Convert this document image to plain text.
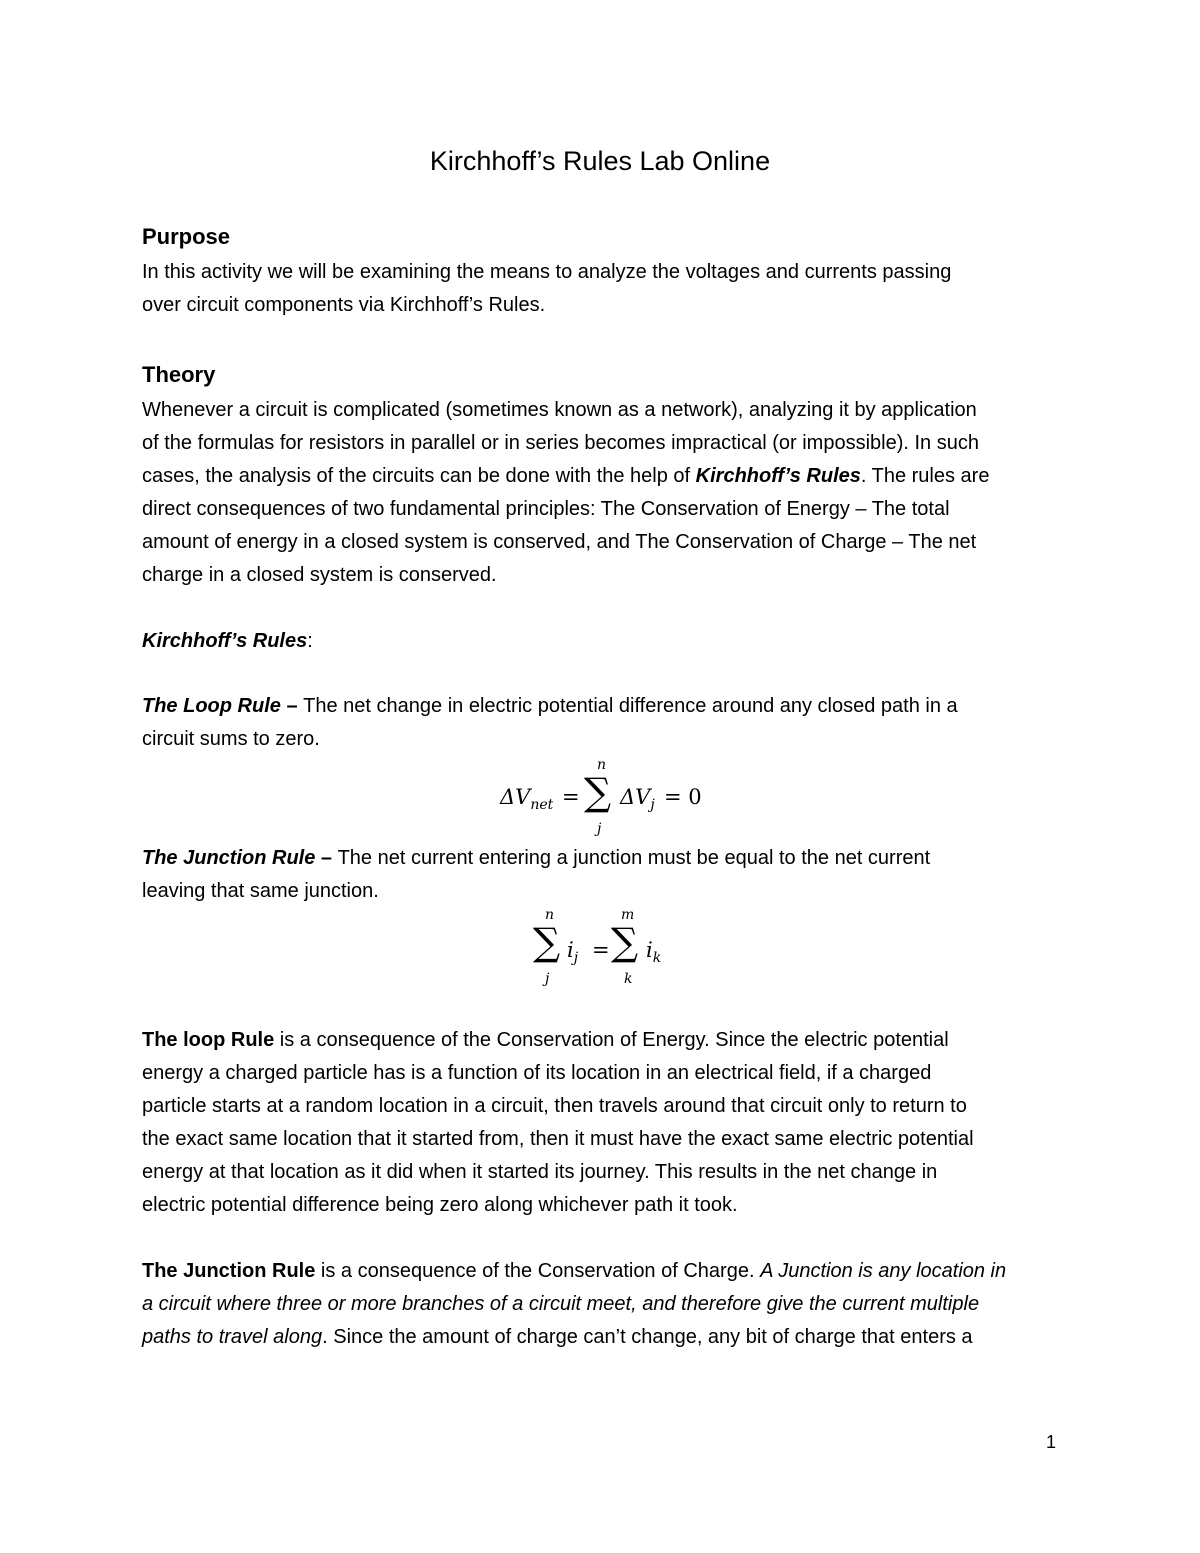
Kirchhoff’s Rules Lab Online
Purpose
In this activity we will be examining the means to analyze the voltages and currents passing
over circuit components via Kirchhoff’s Rules.
Theory
Whenever a circuit is complicated (sometimes known as a network), analyzing it by application
of the formulas for resistors in parallel or in series becomes impractical (or impossible). In such
cases, the analysis of the circuits can be done with the help of Kirchhoff’s Rules. The rules are
direct consequences of two fundamental principles: The Conservation of Energy – The total
amount of energy in a closed system is conserved, and The Conservation of Charge – The net
charge in a closed system is conserved.
Kirchhoff’s Rules:
The Loop Rule – The net change in electric potential difference around any closed path in a
circuit sums to zero.
$\Delta V_{net}$ =
n
∑
j
$\Delta V_j = 0$
The Junction Rule – The net current entering a junction must be equal to the net current
leaving that same junction.
n
∑
j
$i_j$ =
m
∑
k
$i_k$
The loop Rule is a consequence of the Conservation of Energy. Since the electric potential
energy a charged particle has is a function of its location in an electrical field, if a charged
particle starts at a random location in a circuit, then travels around that circuit only to return to
the exact same location that it started from, then it must have the exact same electric potential
energy at that location as it did when it started its journey. This results in the net change in
electric potential difference being zero along whichever path it took.
The Junction Rule is a consequence of the Conservation of Charge. A Junction is any location in
a circuit where three or more branches of a circuit meet, and therefore give the current multiple
paths to travel along. Since the amount of charge can’t change, any bit of charge that enters a
1
